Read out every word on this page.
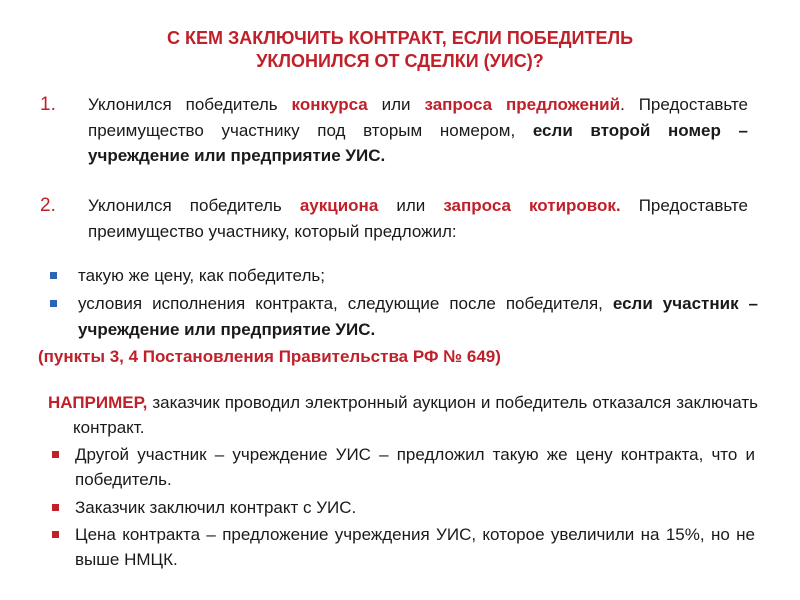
С КЕМ ЗАКЛЮЧИТЬ КОНТРАКТ, ЕСЛИ ПОБЕДИТЕЛЬ
УКЛОНИЛСЯ ОТ СДЕЛКИ (УИС)?
1. Уклонился победитель конкурса или запроса предложений. Предоставьте преимущество участнику под вторым номером, если второй номер – учреждение или предприятие УИС.
2. Уклонился победитель аукциона или запроса котировок. Предоставьте преимущество участнику, который предложил:
такую же цену, как победитель;
условия исполнения контракта, следующие после победителя, если участник – учреждение или предприятие УИС.
(пункты 3, 4 Постановления Правительства РФ № 649)
НАПРИМЕР, заказчик проводил электронный аукцион и победитель отказался заключать контракт.
Другой участник – учреждение УИС – предложил такую же цену контракта, что и победитель.
Заказчик заключил контракт с УИС.
Цена контракта – предложение учреждения УИС, которое увеличили на 15%, но не выше НМЦК.
